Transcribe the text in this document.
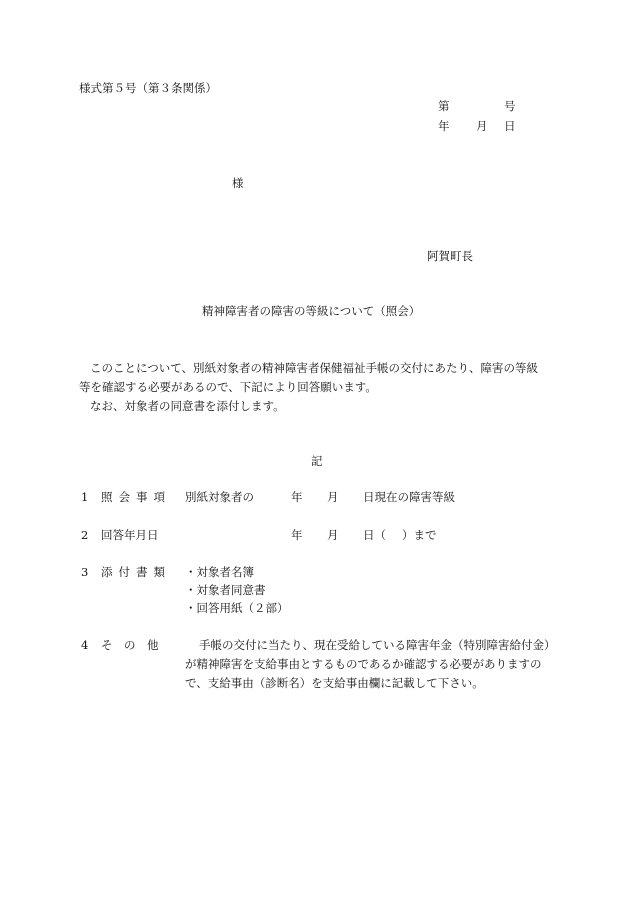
様式第５号（第３条関係）
第	号
年 月 日
様
阿賀町長
精神障害者の障害の等級について（照会）
このことについて、別紙対象者の精神障害者保健福祉手帳の交付にあたり、障害の等級
等を確認する必要があるので、下記により回答願います。
なお、対象者の同意書を添付します。
記
1 照会事項 別紙対象者の	年 月 日現在の障害等級
2 回答年月日	年 月 日（ ）まで
3 添付書類 ・対象者名簿
・対象者同意書
・回答用紙（２部）
4 そ　の　他	手帳の交付に当たり、現在受給している障害年金（特別障害給付金）
が精神障害を支給事由とするものであるか確認する必要がありますの
で、支給事由（診断名）を支給事由欄に記載して下さい。
